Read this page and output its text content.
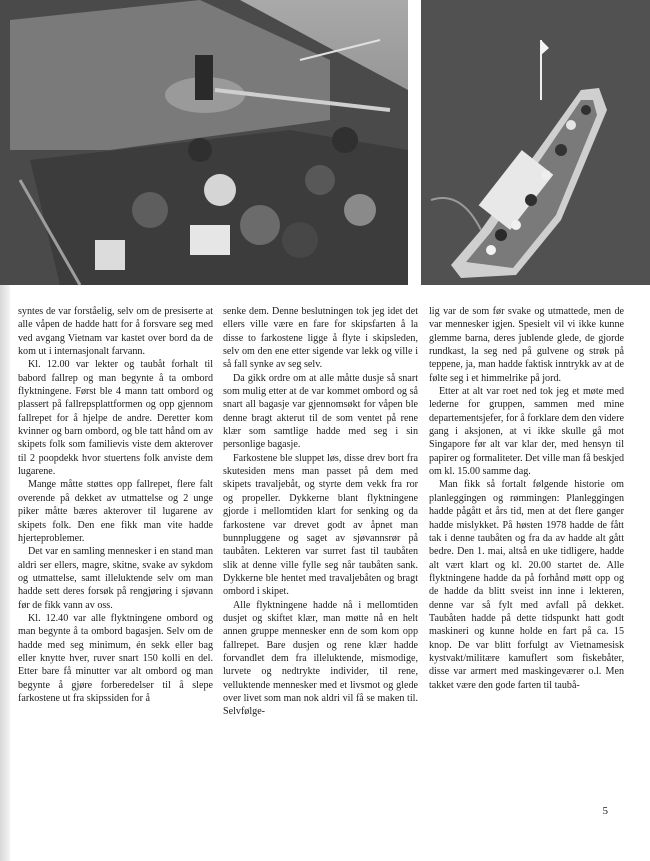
syntes de var forståelig, selv om de presiserte at alle våpen de hadde hatt for å forsvare seg med ved avgang Vietnam var kastet over bord da de kom ut i internasjonalt farvann.

Kl. 12.00 var lekter og taubåt forhalt til babord fallrep og man begynte å ta ombord flyktningene. Først ble 4 mann tatt ombord og plassert på fallrepsplattformen og opp gjennom fallrepet for å hjelpe de andre. Deretter kom kvinner og barn ombord, og ble tatt hånd om av skipets folk som familievis viste dem akterover til 2 poopdekk hvor stuertens folk anviste dem lugarene.

Mange måtte støttes opp fallrepet, flere falt overende på dekket av utmattelse og 2 unge piker måtte bæres akterover til lugarene av skipets folk. Den ene fikk man vite hadde hjerteproblemer.

Det var en samling mennesker i en stand man aldri ser ellers, magre, skitne, svake av sykdom og utmattelse, samt illeluktende selv om man hadde sett deres forsøk på rengjøring i sjøvann før de fikk vann av oss.

Kl. 12.40 var alle flyktningene ombord og man begynte å ta ombord bagasjen. Selv om de hadde med seg minimum, én sekk eller bag eller knytte hver, ruver snart 150 kolli en del. Etter bare få minutter var alt ombord og man begynte å gjøre forberedelser til å slepe farkostene ut fra skipssiden for å

senke dem. Denne beslutningen tok jeg idet det ellers ville være en fare for skipsfarten å la disse to farkostene ligge å flyte i skipsleden, selv om den ene etter sigende var lekk og ville i så fall synke av seg selv.

Da gikk ordre om at alle måtte dusje så snart som mulig etter at de var kommet ombord og så snart all bagasje var gjennomsøkt for våpen ble denne bragt akterut til de som ventet på rene klær som samtlige hadde med seg i sin personlige bagasje.

Farkostene ble sluppet løs, disse drev bort fra skutesiden mens man passet på dem med skipets travaljebåt, og styrte dem vekk fra ror og propeller. Dykkerne blant flyktningene gjorde i mellomtiden klart for senking og da farkostene var drevet godt av åpnet man bunnpluggene og saget av sjøvannsrør på taubåten. Lekteren var surret fast til taubåten slik at denne ville fylle seg når taubåten sank. Dykkerne ble hentet med travaljebåten og bragt ombord i skipet.

Alle flyktningene hadde nå i mellomtiden dusjet og skiftet klær, man møtte nå en helt annen gruppe mennesker enn de som kom opp fallrepet. Bare dusjen og rene klær hadde forvandlet dem fra illeluktende, mismodige, lurvete og nedtrykte individer, til rene, velluktende mennesker med et livsmot og glede over livet som man nok aldri vil få se maken til. Selvfølge-

lig var de som før svake og utmattede, men de var mennesker igjen. Spesielt vil vi ikke kunne glemme barna, deres jublende glede, de gjorde rundkast, la seg ned på gulvene og strøk på teppene, ja, man hadde faktisk inntrykk av at de følte seg i et himmelrike på jord.

Etter at alt var roet ned tok jeg et møte med lederne for gruppen, sammen med mine departementsjefer, for å forklare dem den videre gang i aksjonen, at vi ikke skulle gå mot Singapore før alt var klar der, med hensyn til papirer og formaliteter. Det ville man få beskjed om kl. 15.00 samme dag.

Man fikk så fortalt følgende historie om planleggingen og rømmingen: Planleggingen hadde pågått et års tid, men at det flere ganger hadde mislykket. På høsten 1978 hadde de fått tak i denne taubåten og fra da av hadde alt gått bedre. Den 1. mai, altså en uke tidligere, hadde alt vært klart og kl. 20.00 startet de. Alle flyktningene hadde da på forhånd møtt opp og de hadde da blitt sveist inn inne i lekteren, denne var så fylt med avfall på dekket. Taubåten hadde på dette tidspunkt hatt godt maskineri og kunne holde en fart på ca. 15 knop. De var blitt forfulgt av Vietnamesisk kystvakt/militære kamuflert som fiskebåter, disse var armert med maskingeværer o.l. Men takket være den gode farten til taubå-

5
